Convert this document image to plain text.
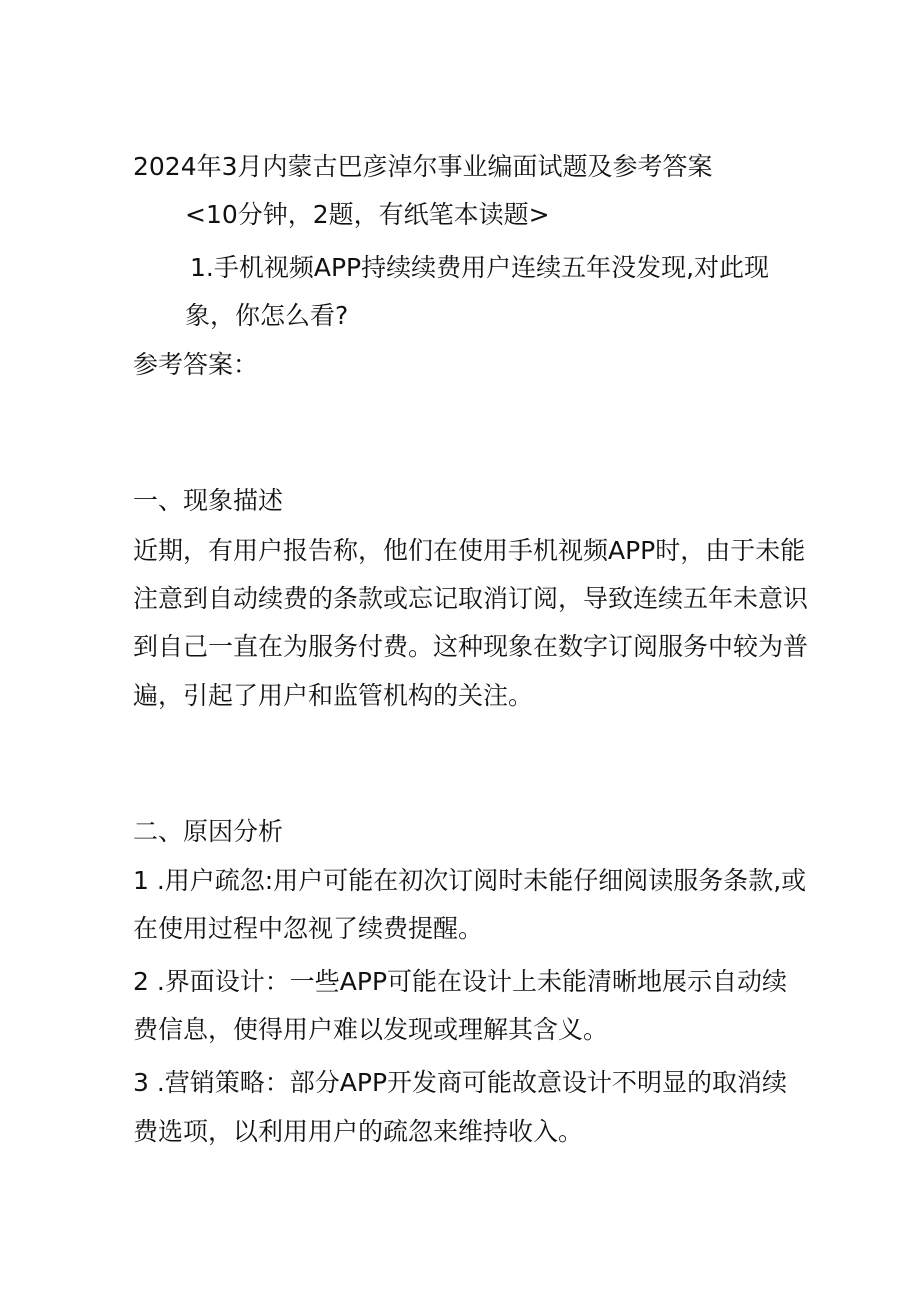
2024年3月内蒙古巴彦淖尔事业编面试题及参考答案

<10分钟，2题，有纸笔本读题>

1.手机视频APP持续续费用户连续五年没发现,对此现

象，你怎么看?

参考答案：

一、现象描述

近期，有用户报告称，他们在使用手机视频APP时，由于未能

注意到自动续费的条款或忘记取消订阅，导致连续五年未意识

到自己一直在为服务付费。这种现象在数字订阅服务中较为普

遍，引起了用户和监管机构的关注。

二、原因分析

1 .用户疏忽:用户可能在初次订阅时未能仔细阅读服务条款,或

在使用过程中忽视了续费提醒。

2 .界面设计：一些APP可能在设计上未能清晰地展示自动续

费信息，使得用户难以发现或理解其含义。

3 .营销策略：部分APP开发商可能故意设计不明显的取消续

费选项，以利用用户的疏忽来维持收入。
